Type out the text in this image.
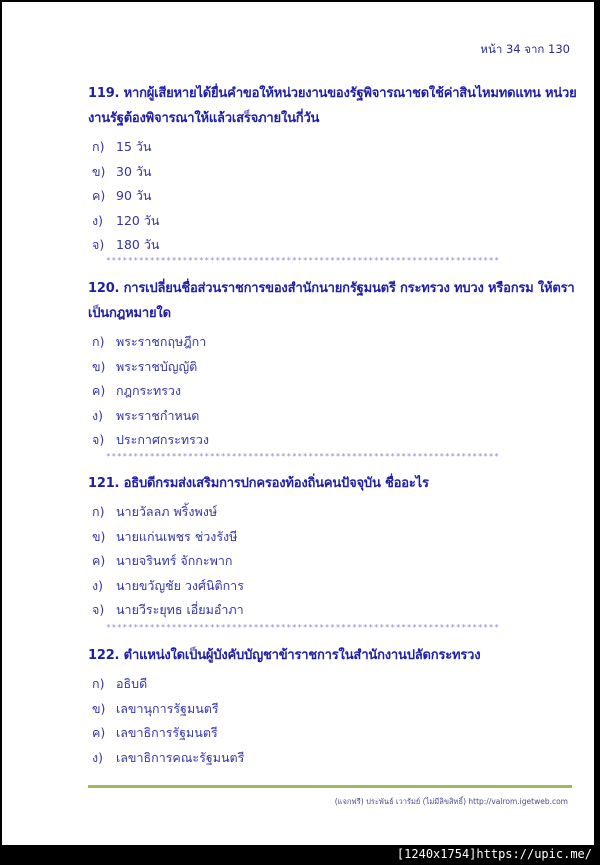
หน้า 34 จาก 130

119. หากผู้เสียหายได้ยื่นคำขอให้หน่วยงานของรัฐพิจารณาชดใช้ค่าสินไหมทดแทน หน่วยงานรัฐต้องพิจารณาให้แล้วเสร็จภายในกี่วัน

ก) 15 วัน
ข) 30 วัน
ค) 90 วัน
ง) 120 วัน
จ) 180 วัน
************************************************************************

120. การเปลี่ยนชื่อส่วนราชการของสำนักนายกรัฐมนตรี กระทรวง ทบวง หรือกรม ให้ตราเป็นกฎหมายใด

ก) พระราชกฤษฎีกา
ข) พระราชบัญญัติ
ค) กฎกระทรวง
ง) พระราชกำหนด
จ) ประกาศกระทรวง
************************************************************************

121. อธิบดีกรมส่งเสริมการปกครองท้องถิ่นคนปัจจุบัน ชื่ออะไร

ก) นายวัลลภ พริ้งพงษ์
ข) นายแก่นเพชร ช่วงรังษี
ค) นายจรินทร์ จักกะพาก
ง) นายขวัญชัย วงศ์นิติการ
จ) นายวีระยุทธ เอี่ยมอำภา
************************************************************************

122. ตำแหน่งใดเป็นผู้บังคับบัญชาข้าราชการในสำนักงานปลัดกระทรวง

ก) อธิบดี
ข) เลขานุการรัฐมนตรี
ค) เลขาธิการรัฐมนตรี
ง) เลขาธิการคณะรัฐมนตรี
(แจกฟรี) ประพันธ์ เวารัมย์ (ไม่มีลิขสิทธิ์) http://valrom.igetweb.com
[1240x1754]https://upic.me/
